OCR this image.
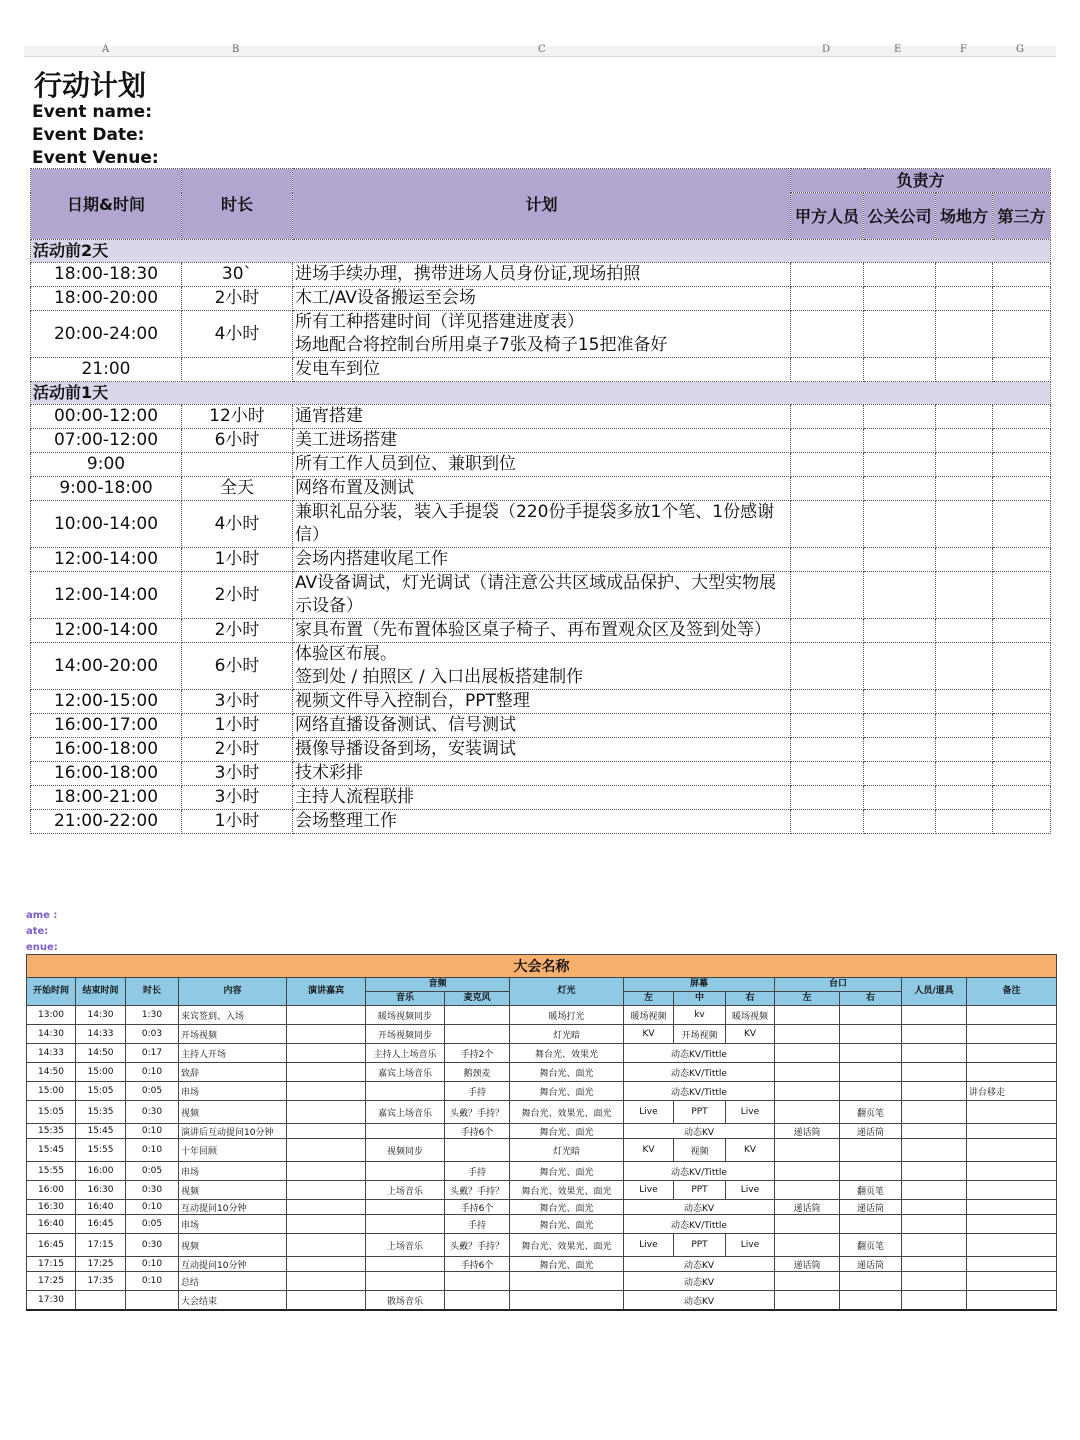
A	B	C	D	E	F	G
行动计划
Event name:
Event Date:
Event Venue:
日期&时间	时长	计划	负责方			
			甲方人员	公关公司	场地方	第三方
活动前2天						
18:00-18:30	30`	进场手续办理，携带进场人员身份证,现场拍照				

18:00-20:00	2小时	木工/AV设备搬运至会场				

20:00-24:00	4小时	所有工种搭建时间（详见搭建进度表）
场地配合将控制台所用桌子7张及椅子15把准备好				

21:00		发电车到位				

活动前1天						
00:00-12:00	12小时	通宵搭建				

07:00-12:00	6小时	美工进场搭建				

9:00		所有工作人员到位、兼职到位				

9:00-18:00	全天	网络布置及测试				

10:00-14:00	4小时	兼职礼品分装，装入手提袋（220份手提袋多放1个笔、1份感谢
信）				

12:00-14:00	1小时	会场内搭建收尾工作				

12:00-14:00	2小时	AV设备调试，灯光调试（请注意公共区域成品保护、大型实物展
示设备）				

12:00-14:00	2小时	家具布置（先布置体验区桌子椅子、再布置观众区及签到处等）				

14:00-20:00	6小时	体验区布展。
签到处 / 拍照区 / 入口出展板搭建制作				

12:00-15:00	3小时	视频文件导入控制台，PPT整理				

16:00-17:00	1小时	网络直播设备测试、信号测试				

16:00-18:00	2小时	摄像导播设备到场，安装调试				

16:00-18:00	3小时	技术彩排				

18:00-21:00	3小时	主持人流程联排				

21:00-22:00	1小时	会场整理工作				

ame :
ate:
enue:
大会名称														
开始时间	结束时间	时长	内容	演讲嘉宾	音频		灯光	屏幕			台口		人员/道具	备注
					音乐	麦克风		左	中	右	左	右		
13:00	14:30	1:30	来宾签到、入场		暖场视频同步		暖场打光	暖场视频	kv	暖场视频				
14:30	14:33	0:03	开场视频		开场视频同步		灯光暗	KV	开场视频	KV				
14:33	14:50	0:17	主持人开场		主持人上场音乐	手持2个	舞台光、效果光	动态KV/Tittle						
14:50	15:00	0:10	致辞		嘉宾上场音乐	鹅颈麦	舞台光、面光	动态KV/Tittle						
15:00	15:05	0:05	串场			手持	舞台光、面光	动态KV/Tittle						讲台移走
15:05	15:35	0:30	视频		嘉宾上场音乐	头戴？手持？	舞台光、效果光、面光	Live	PPT	Live		翻页笔		
15:35	15:45	0:10	演讲后互动提问10分钟			手持6个	舞台光、面光	动态KV			递话筒	递话筒		
15:45	15:55	0:10	十年回顾		视频同步		灯光暗	KV	视频	KV				
15:55	16:00	0:05	串场			手持	舞台光、面光	动态KV/Tittle						
16:00	16:30	0:30	视频		上场音乐	头戴？手持？	舞台光、效果光、面光	Live	PPT	Live		翻页笔		
16:30	16:40	0:10	互动提问10分钟			手持6个	舞台光、面光	动态KV			递话筒	递话筒		
16:40	16:45	0:05	串场			手持	舞台光、面光	动态KV/Tittle						
16:45	17:15	0:30	视频		上场音乐	头戴？手持？	舞台光、效果光、面光	Live	PPT	Live		翻页笔		
17:15	17:25	0:10	互动提问10分钟			手持6个	舞台光、面光	动态KV			递话筒	递话筒		
17:25	17:35	0:10	总结					动态KV						
17:30			大会结束		散场音乐			动态KV						
